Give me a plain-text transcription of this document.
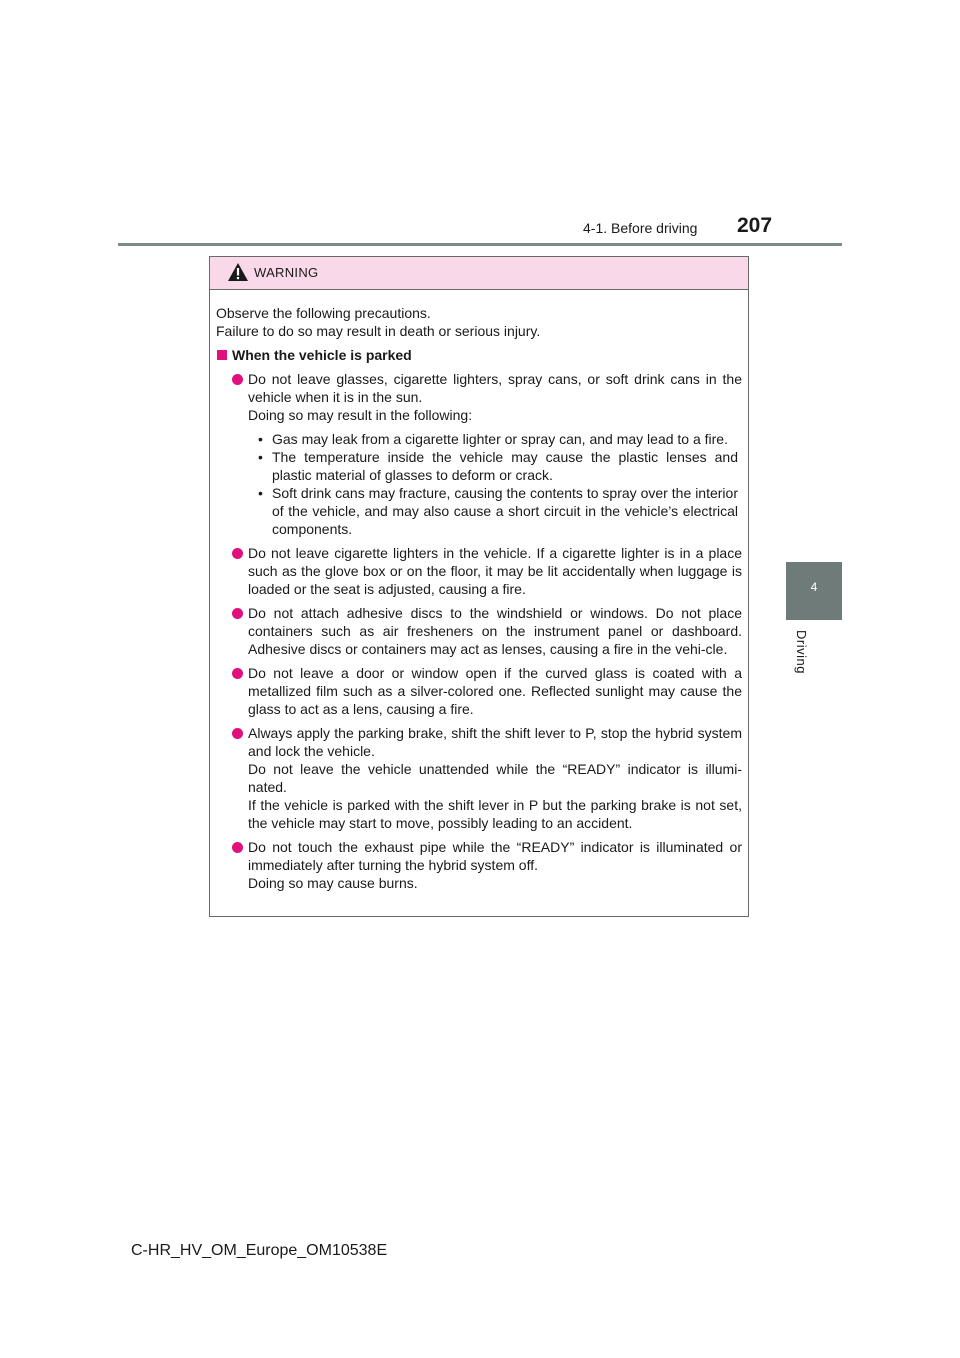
4-1. Before driving 207
4
Driving
WARNING
Observe the following precautions.
Failure to do so may result in death or serious injury.
When the vehicle is parked
Do not leave glasses, cigarette lighters, spray cans, or soft drink cans in the vehicle when it is in the sun.
Doing so may result in the following:
• Gas may leak from a cigarette lighter or spray can, and may lead to a fire.
• The temperature inside the vehicle may cause the plastic lenses and plastic material of glasses to deform or crack.
• Soft drink cans may fracture, causing the contents to spray over the interior of the vehicle, and may also cause a short circuit in the vehicle’s electrical components.
Do not leave cigarette lighters in the vehicle. If a cigarette lighter is in a place such as the glove box or on the floor, it may be lit accidentally when luggage is loaded or the seat is adjusted, causing a fire.
Do not attach adhesive discs to the windshield or windows. Do not place containers such as air fresheners on the instrument panel or dashboard. Adhesive discs or containers may act as lenses, causing a fire in the vehi-cle.
Do not leave a door or window open if the curved glass is coated with a metallized film such as a silver-colored one. Reflected sunlight may cause the glass to act as a lens, causing a fire.
Always apply the parking brake, shift the shift lever to P, stop the hybrid system and lock the vehicle.
Do not leave the vehicle unattended while the “READY” indicator is illumi-nated.
If the vehicle is parked with the shift lever in P but the parking brake is not set, the vehicle may start to move, possibly leading to an accident.
Do not touch the exhaust pipe while the “READY” indicator is illuminated or immediately after turning the hybrid system off.
Doing so may cause burns.
C-HR_HV_OM_Europe_OM10538E
